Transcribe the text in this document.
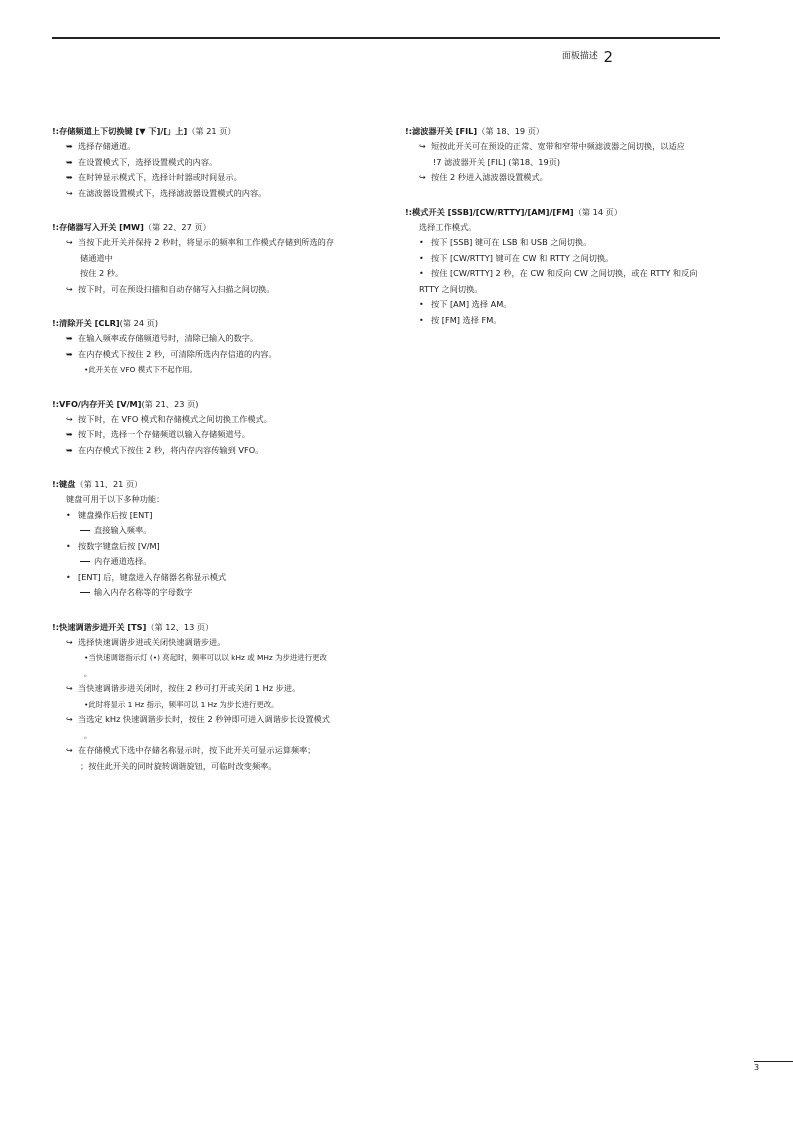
面板描述 2
!:存储频道上下切换键 [▼ 下]/[」上]（第 21 页）
➥ 选择存储通道。
➥ 在设置模式下，选择设置模式的内容。
➥ 在时钟显示模式下，选择计时器或时间显示。
↪ 在滤波器设置模式下，选择滤波器设置模式的内容。
!:存储器写入开关 [MW]（第 22、27 页）
↪ 当按下此开关并保持 2 秒时，将显示的频率和工作模式存储到所选的存
储通道中
按住 2 秒。
↪ 按下时，可在预设扫描和自动存储写入扫描之间切换。
!:清除开关 [CLR](第 24 页)
➥ 在输入频率或存储频道号时，清除已输入的数字。
➥ 在内存模式下按住 2 秒，可清除所选内存信道的内容。
•此开关在 VFO 模式下不起作用。
!:VFO/内存开关 [V/M](第 21、23 页)
↪ 按下时，在 VFO 模式和存储模式之间切换工作模式。
➥ 按下时，选择一个存储频道以输入存储频道号。
➥ 在内存模式下按住 2 秒，将内存内容传输到 VFO。
!:键盘（第 11、21 页）
键盘可用于以下多种功能：
• 键盘操作后按 [ENT]
直接输入频率。
• 按数字键盘后按 [V/M]
内存通道选择。
• [ENT] 后，键盘进入存储器名称显示模式
输入内存名称等的字母数字
!:快速调谐步进开关 [TS]（第 12、13 页）
↪ 选择快速调谐步进或关闭快速调谐步进。
•当快速调谐指示灯 (•) 亮起时，频率可以以 kHz 或 MHz 为步进进行更改
。
↪ 当快速调谐步进关闭时，按住 2 秒可打开或关闭 1 Hz 步进。
•此时将显示 1 Hz 指示，频率可以 1 Hz 为步长进行更改。
↪ 当选定 kHz 快速调谐步长时，按住 2 秒钟即可进入调谐步长设置模式
。
↪ 在存储模式下选中存储名称显示时，按下此开关可显示运算频率；
；按住此开关的同时旋转调谐旋钮，可临时改变频率。
!:滤波器开关 [FIL]（第 18、19 页）
↪ 短按此开关可在预设的正常、宽带和窄带中频滤波器之间切换，以适应
!7 滤波器开关 [FIL] (第18、19页)
↪ 按住 2 秒进入滤波器设置模式。
!:模式开关 [SSB]/[CW/RTTY]/[AM]/[FM]（第 14 页）
选择工作模式。
• 按下 [SSB] 键可在 LSB 和 USB 之间切换。
• 按下 [CW/RTTY] 键可在 CW 和 RTTY 之间切换。
• 按住 [CW/RTTY] 2 秒，在 CW 和反向 CW 之间切换，或在 RTTY 和反向
RTTY 之间切换。
• 按下 [AM] 选择 AM。
• 按 [FM] 选择 FM。
3
